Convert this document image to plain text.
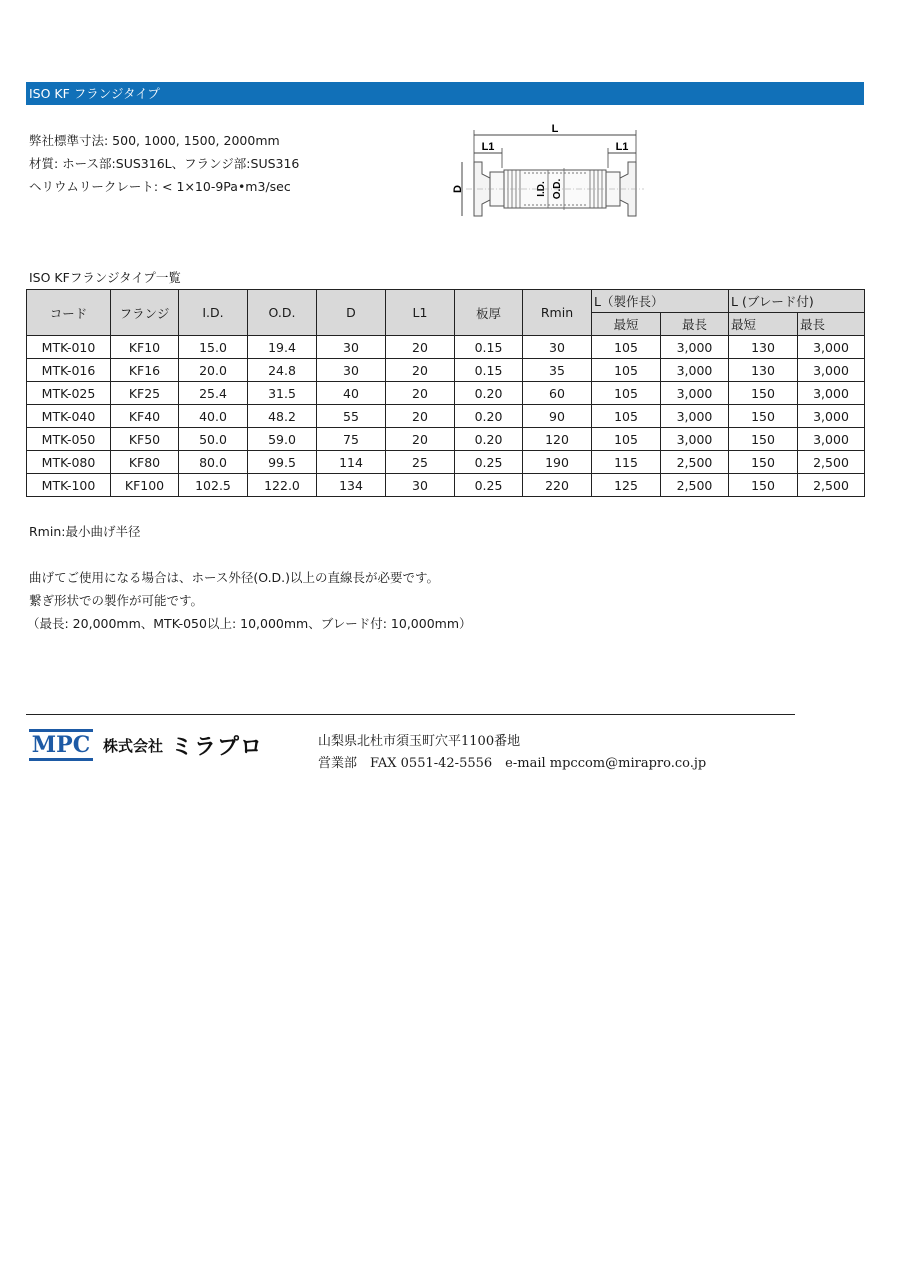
ISO KF フランジタイプ
弊社標準寸法: 500, 1000, 1500, 2000mm
材質: ホース部:SUS316L、フランジ部:SUS316
ヘリウムリークレート: < 1×10-9Pa•m3/sec
L
L1	L1
D	I.D. O.D.
ISO KFフランジタイプ一覧
コード	フランジ	I.D.	O.D.	D	L1	板厚	Rmin	L（製作長）		L (ブレード付)	
								最短	最長	最短	最長
MTK-010	KF10	15.0	19.4	30	20	0.15	30	105	3,000	130	3,000
MTK-016	KF16	20.0	24.8	30	20	0.15	35	105	3,000	130	3,000
MTK-025	KF25	25.4	31.5	40	20	0.20	60	105	3,000	150	3,000
MTK-040	KF40	40.0	48.2	55	20	0.20	90	105	3,000	150	3,000
MTK-050	KF50	50.0	59.0	75	20	0.20	120	105	3,000	150	3,000
MTK-080	KF80	80.0	99.5	114	25	0.25	190	115	2,500	150	2,500
MTK-100	KF100	102.5	122.0	134	30	0.25	220	125	2,500	150	2,500
Rmin:最小曲げ半径
曲げてご使用になる場合は、ホース外径(O.D.)以上の直線長が必要です。
繋ぎ形状での製作が可能です。
（最長: 20,000mm、MTK-050以上: 10,000mm、ブレード付: 10,000mm）
MPC 株式会社 ミラプロ	山梨県北杜市須玉町穴平1100番地
営業部　FAX 0551-42-5556　e-mail mpccom@mirapro.co.jp
